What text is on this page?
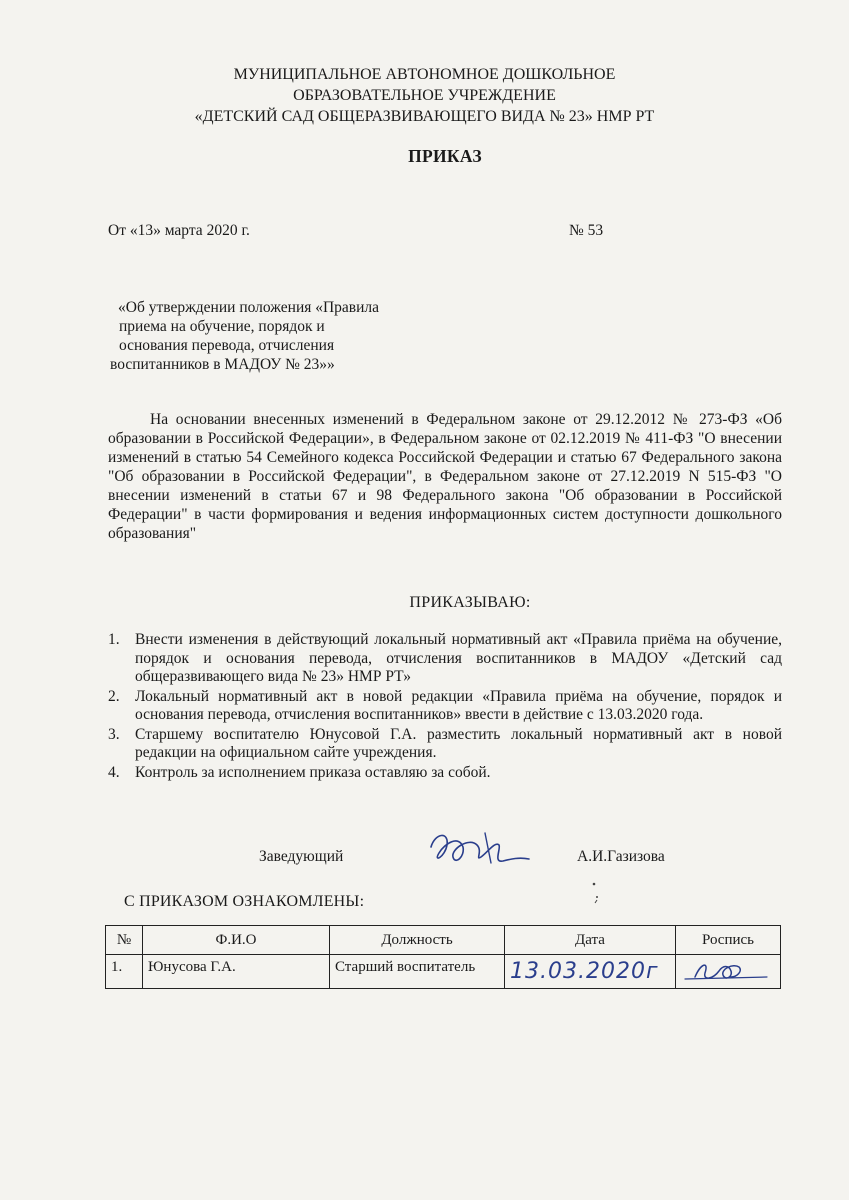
МУНИЦИПАЛЬНОЕ АВТОНОМНОЕ ДОШКОЛЬНОЕ
ОБРАЗОВАТЕЛЬНОЕ УЧРЕЖДЕНИЕ
«ДЕТСКИЙ САД ОБЩЕРАЗВИВАЮЩЕГО ВИДА № 23» НМР РТ
ПРИКАЗ
От «13» марта 2020 г.	№ 53
«Об утверждении положения «Правила
приема на обучение, порядок и
основания перевода, отчисления
воспитанников в МАДОУ № 23»»
На основании внесенных изменений в Федеральном законе от 29.12.2012 № 273-ФЗ «Об образовании в Российской Федерации», в Федеральном законе от 02.12.2019 № 411-ФЗ "О внесении изменений в статью 54 Семейного кодекса Российской Федерации и статью 67 Федерального закона "Об образовании в Российской Федерации", в Федеральном законе от 27.12.2019 N 515-ФЗ "О внесении изменений в статьи 67 и 98 Федерального закона "Об образовании в Российской Федерации" в части формирования и ведения информационных систем доступности дошкольного образования"
ПРИКАЗЫВАЮ:
1. Внести изменения в действующий локальный нормативный акт «Правила приёма на обучение, порядок и основания перевода, отчисления воспитанников в МАДОУ «Детский сад общеразвивающего вида № 23» НМР РТ»
2. Локальный нормативный акт в новой редакции «Правила приёма на обучение, порядок и основания перевода, отчисления воспитанников» ввести в действие с 13.03.2020 года.
3. Старшему воспитателю Юнусовой Г.А. разместить локальный нормативный акт в новой редакции на официальном сайте учреждения.
4. Контроль за исполнением приказа оставляю за собой.
Заведующий	А.И.Газизова
С ПРИКАЗОМ ОЗНАКОМЛЕНЫ:
№	Ф.И.О	Должность	Дата	Роспись
1.	Юнусова Г.А.	Старший воспитатель	13.03.2020г	
